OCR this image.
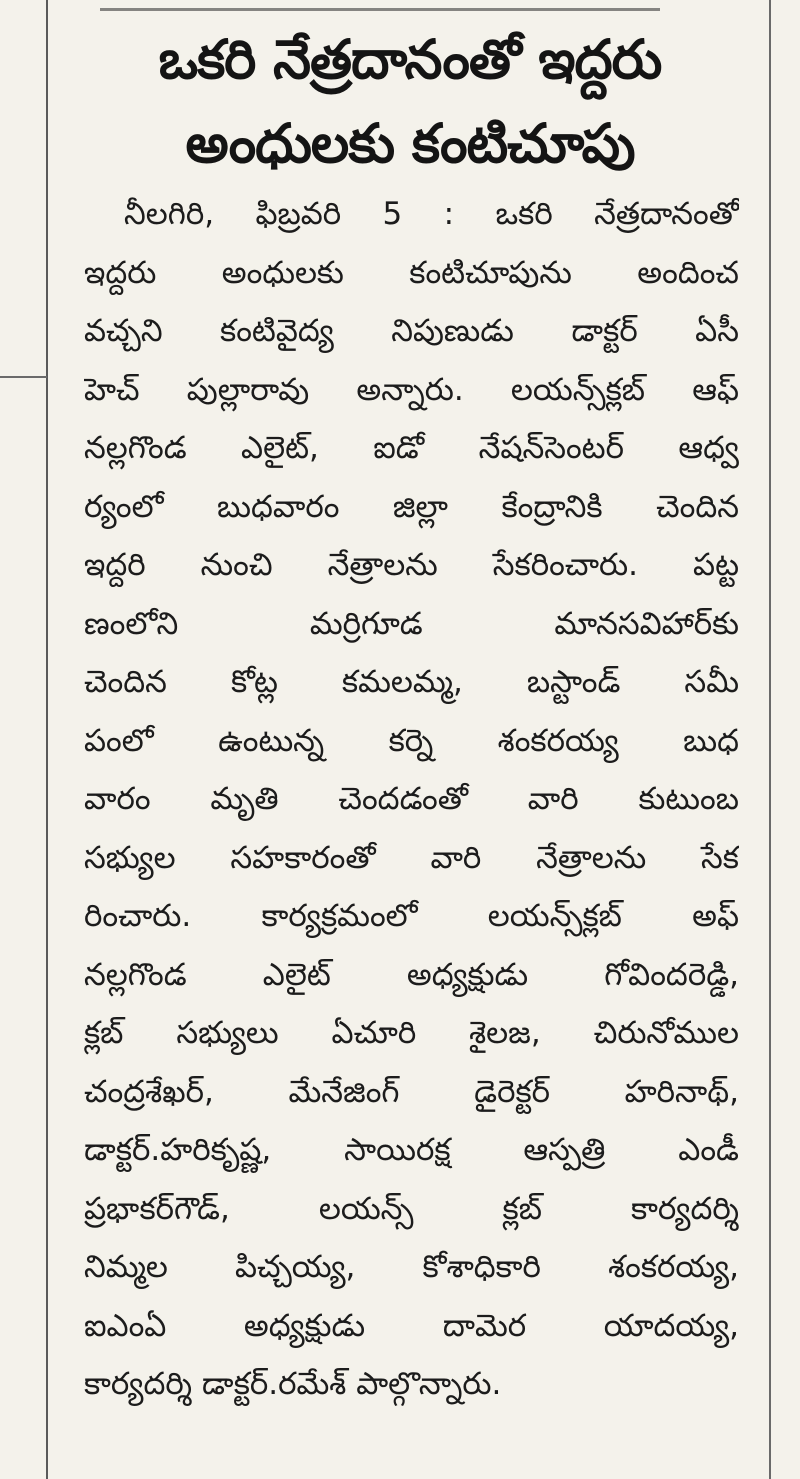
ఒకరి నేత్రదానంతో ఇద్దరు
అంధులకు కంటిచూపు
నీలగిరి, ఫిబ్రవరి 5 : ఒకరి నేత్రదానంతో
ఇద్దరు అంధులకు కంటిచూపును అందించ
వచ్చని కంటివైద్య నిపుణుడు డాక్టర్ ఏసీ
హెచ్ పుల్లారావు అన్నారు. లయన్స్‌క్లబ్ ఆఫ్
నల్లగొండ ఎలైట్, ఐడో నేషన్‌సెంటర్ ఆధ్వ
ర్యంలో బుధవారం జిల్లా కేంద్రానికి చెందిన
ఇద్దరి నుంచి నేత్రాలను సేకరించారు. పట్ట
ణంలోని మర్రిగూడ మానసవిహార్‌కు
చెందిన కోట్ల కమలమ్మ, బస్టాండ్ సమీ
పంలో ఉంటున్న కర్నె శంకరయ్య బుధ
వారం మృతి చెందడంతో వారి కుటుంబ
సభ్యుల సహకారంతో వారి నేత్రాలను సేక
రించారు. కార్యక్రమంలో లయన్స్‌క్లబ్ అఫ్
నల్లగొండ ఎలైట్ అధ్యక్షుడు గోవిందరెడ్డి,
క్లబ్ సభ్యులు ఏచూరి శైలజ, చిరునోముల
చంద్రశేఖర్, మేనేజింగ్ డైరెక్టర్ హరినాథ్,
డాక్టర్.హరికృష్ణ, సాయిరక్ష ఆస్పత్రి ఎండీ
ప్రభాకర్‌గౌడ్, లయన్స్ క్లబ్ కార్యదర్శి
నిమ్మల పిచ్చయ్య, కోశాధికారి శంకరయ్య,
ఐఎంఏ అధ్యక్షుడు దామెర యాదయ్య,
కార్యదర్శి డాక్టర్.రమేశ్ పాల్గొన్నారు.
